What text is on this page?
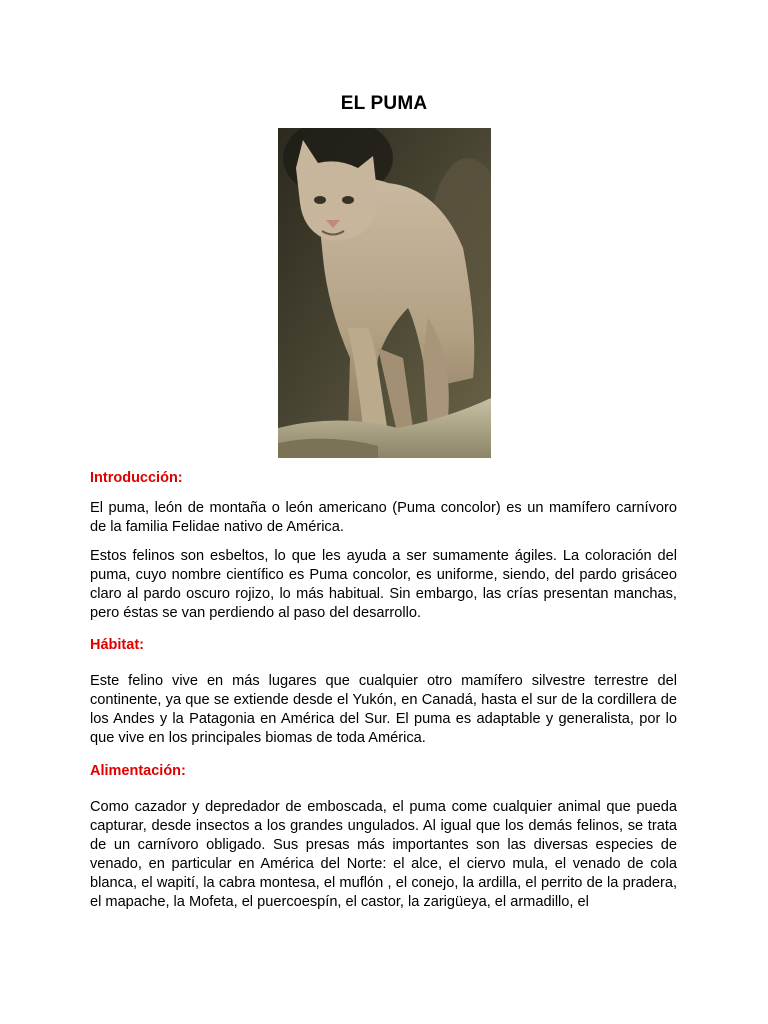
EL PUMA
Introducción:

El puma, león de montaña o león americano (Puma concolor) es un mamífero carnívoro de la familia Felidae nativo de América.

Estos felinos son esbeltos, lo que les ayuda a ser sumamente ágiles. La coloración del puma, cuyo nombre científico es Puma concolor, es uniforme, siendo, del pardo grisáceo claro al pardo oscuro rojizo, lo más habitual. Sin embargo, las crías presentan manchas, pero éstas se van perdiendo al paso del desarrollo.

Hábitat:

Este felino vive en más lugares que cualquier otro mamífero silvestre terrestre del continente, ya que se extiende desde el Yukón, en Canadá, hasta el sur de la cordillera de los Andes y la Patagonia en América del Sur. El puma es adaptable y generalista, por lo que vive en los principales biomas de toda América.

Alimentación:

Como cazador y depredador de emboscada, el puma come cualquier animal que pueda capturar, desde insectos a los grandes ungulados. Al igual que los demás felinos, se trata de un carnívoro obligado. Sus presas más importantes son las diversas especies de venado, en particular en América del Norte: el alce, el ciervo mula, el venado de cola blanca, el wapití, la cabra montesa, el muflón , el conejo, la ardilla, el perrito de la pradera, el mapache, la Mofeta, el puercoespín, el castor, la zarigüeya, el armadillo, el
